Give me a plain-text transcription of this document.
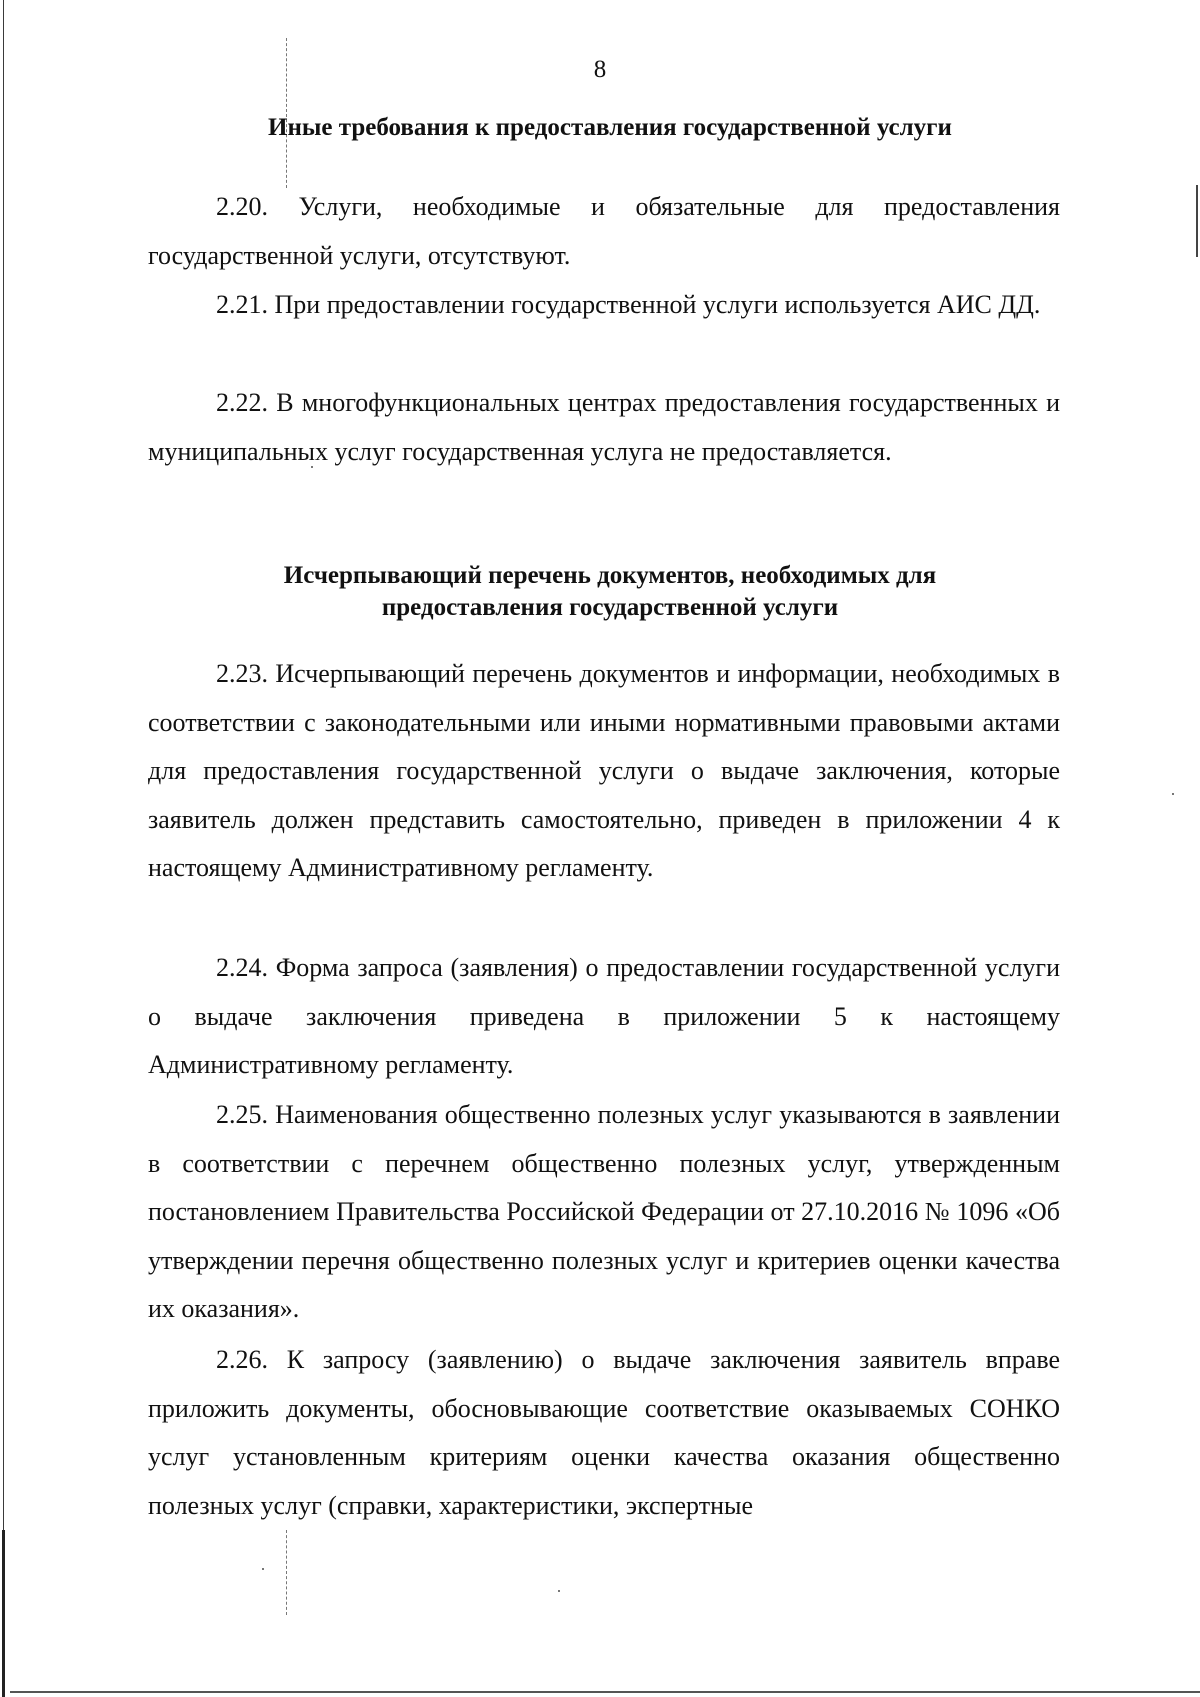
8
Иные требования к предоставления государственной услуги

2.20. Услуги, необходимые и обязательные для предоставления государственной услуги, отсутствуют.

2.21. При предоставлении государственной услуги используется АИС ДД.

2.22. В многофункциональных центрах предоставления государственных и муниципальных услуг государственная услуга не предоставляется.

Исчерпывающий перечень документов, необходимых для
предоставления государственной услуги

2.23. Исчерпывающий перечень документов и информации, необходимых в соответствии с законодательными или иными нормативными правовыми актами для предоставления государственной услуги о выдаче заключения, которые заявитель должен представить самостоятельно, приведен в приложении 4 к настоящему Административному регламенту.

2.24. Форма запроса (заявления) о предоставлении государственной услуги о выдаче заключения приведена в приложении 5 к настоящему Административному регламенту.

2.25. Наименования общественно полезных услуг указываются в заявлении в соответствии с перечнем общественно полезных услуг, утвержденным постановлением Правительства Российской Федерации от 27.10.2016 № 1096 «Об утверждении перечня общественно полезных услуг и критериев оценки качества их оказания».

2.26. К запросу (заявлению) о выдаче заключения заявитель вправе приложить документы, обосновывающие соответствие оказываемых СОНКО услуг установленным критериям оценки качества оказания общественно полезных услуг (справки, характеристики, экспертные
